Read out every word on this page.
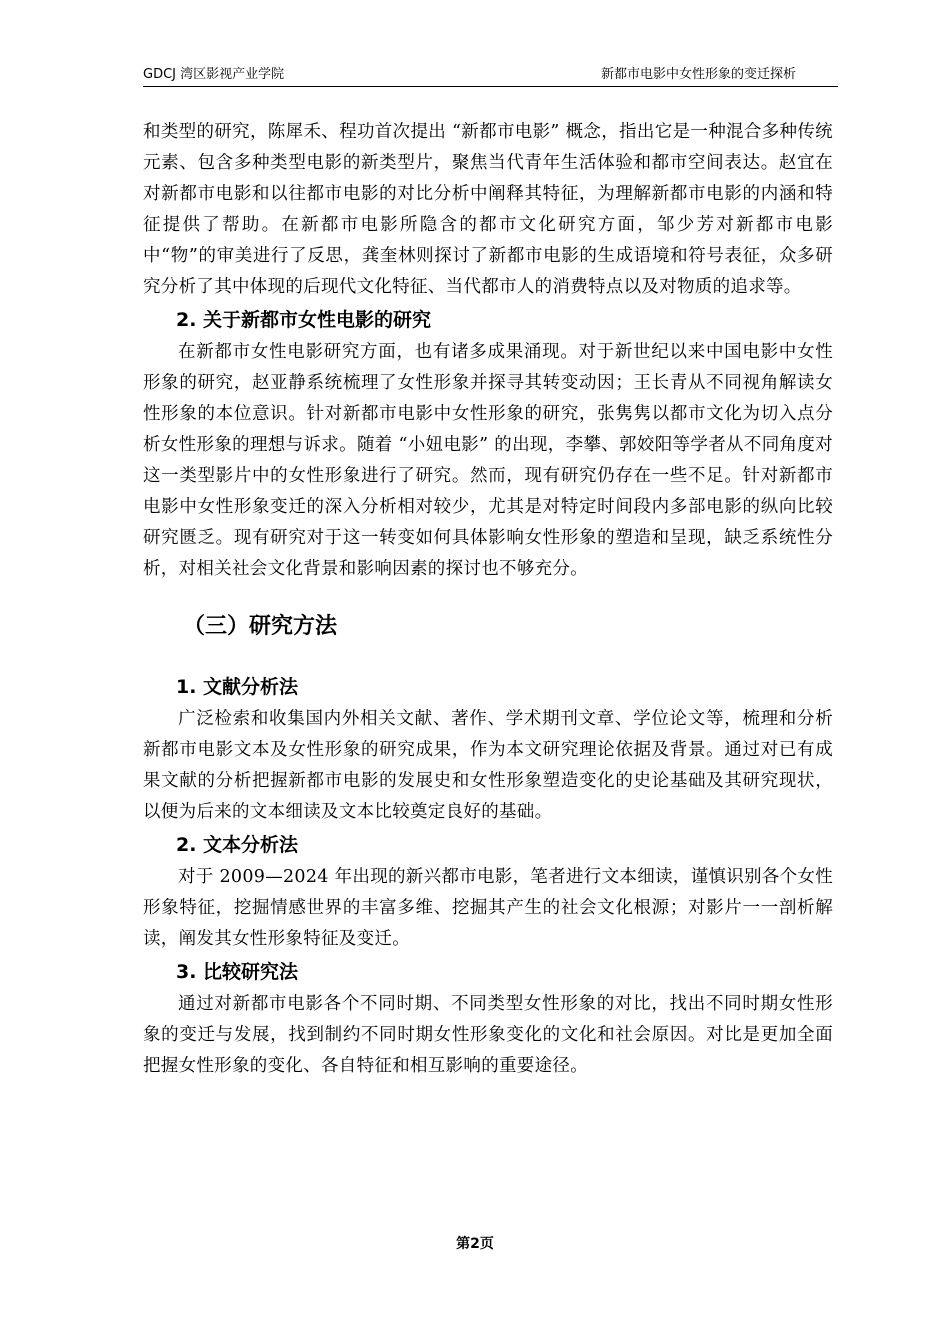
GDCJ 湾区影视产业学院	新都市电影中女性形象的变迁探析

和类型的研究，陈犀禾、程功首次提出 “新都市电影” 概念，指出它是一种混合多种传统元素、包含多种类型电影的新类型片，聚焦当代青年生活体验和都市空间表达。赵宜在对新都市电影和以往都市电影的对比分析中阐释其特征，为理解新都市电影的内涵和特征提供了帮助。在新都市电影所隐含的都市文化研究方面，邹少芳对新都市电影中“物”的审美进行了反思，龚奎林则探讨了新都市电影的生成语境和符号表征，众多研究分析了其中体现的后现代文化特征、当代都市人的消费特点以及对物质的追求等。

2. 关于新都市女性电影的研究

在新都市女性电影研究方面，也有诸多成果涌现。对于新世纪以来中国电影中女性形象的研究，赵亚静系统梳理了女性形象并探寻其转变动因；王长青从不同视角解读女性形象的本位意识。针对新都市电影中女性形象的研究，张隽隽以都市文化为切入点分析女性形象的理想与诉求。随着 “小妞电影” 的出现，李攀、郭姣阳等学者从不同角度对这一类型影片中的女性形象进行了研究。然而，现有研究仍存在一些不足。针对新都市电影中女性形象变迁的深入分析相对较少，尤其是对特定时间段内多部电影的纵向比较研究匮乏。现有研究对于这一转变如何具体影响女性形象的塑造和呈现，缺乏系统性分析，对相关社会文化背景和影响因素的探讨也不够充分。

（三）研究方法

1. 文献分析法

广泛检索和收集国内外相关文献、著作、学术期刊文章、学位论文等，梳理和分析新都市电影文本及女性形象的研究成果，作为本文研究理论依据及背景。通过对已有成果文献的分析把握新都市电影的发展史和女性形象塑造变化的史论基础及其研究现状，以便为后来的文本细读及文本比较奠定良好的基础。

2. 文本分析法

对于 2009—2024 年出现的新兴都市电影，笔者进行文本细读，谨慎识别各个女性形象特征，挖掘情感世界的丰富多维、挖掘其产生的社会文化根源；对影片一一剖析解读，阐发其女性形象特征及变迁。

3. 比较研究法

通过对新都市电影各个不同时期、不同类型女性形象的对比，找出不同时期女性形象的变迁与发展，找到制约不同时期女性形象变化的文化和社会原因。对比是更加全面把握女性形象的变化、各自特征和相互影响的重要途径。

第2页
